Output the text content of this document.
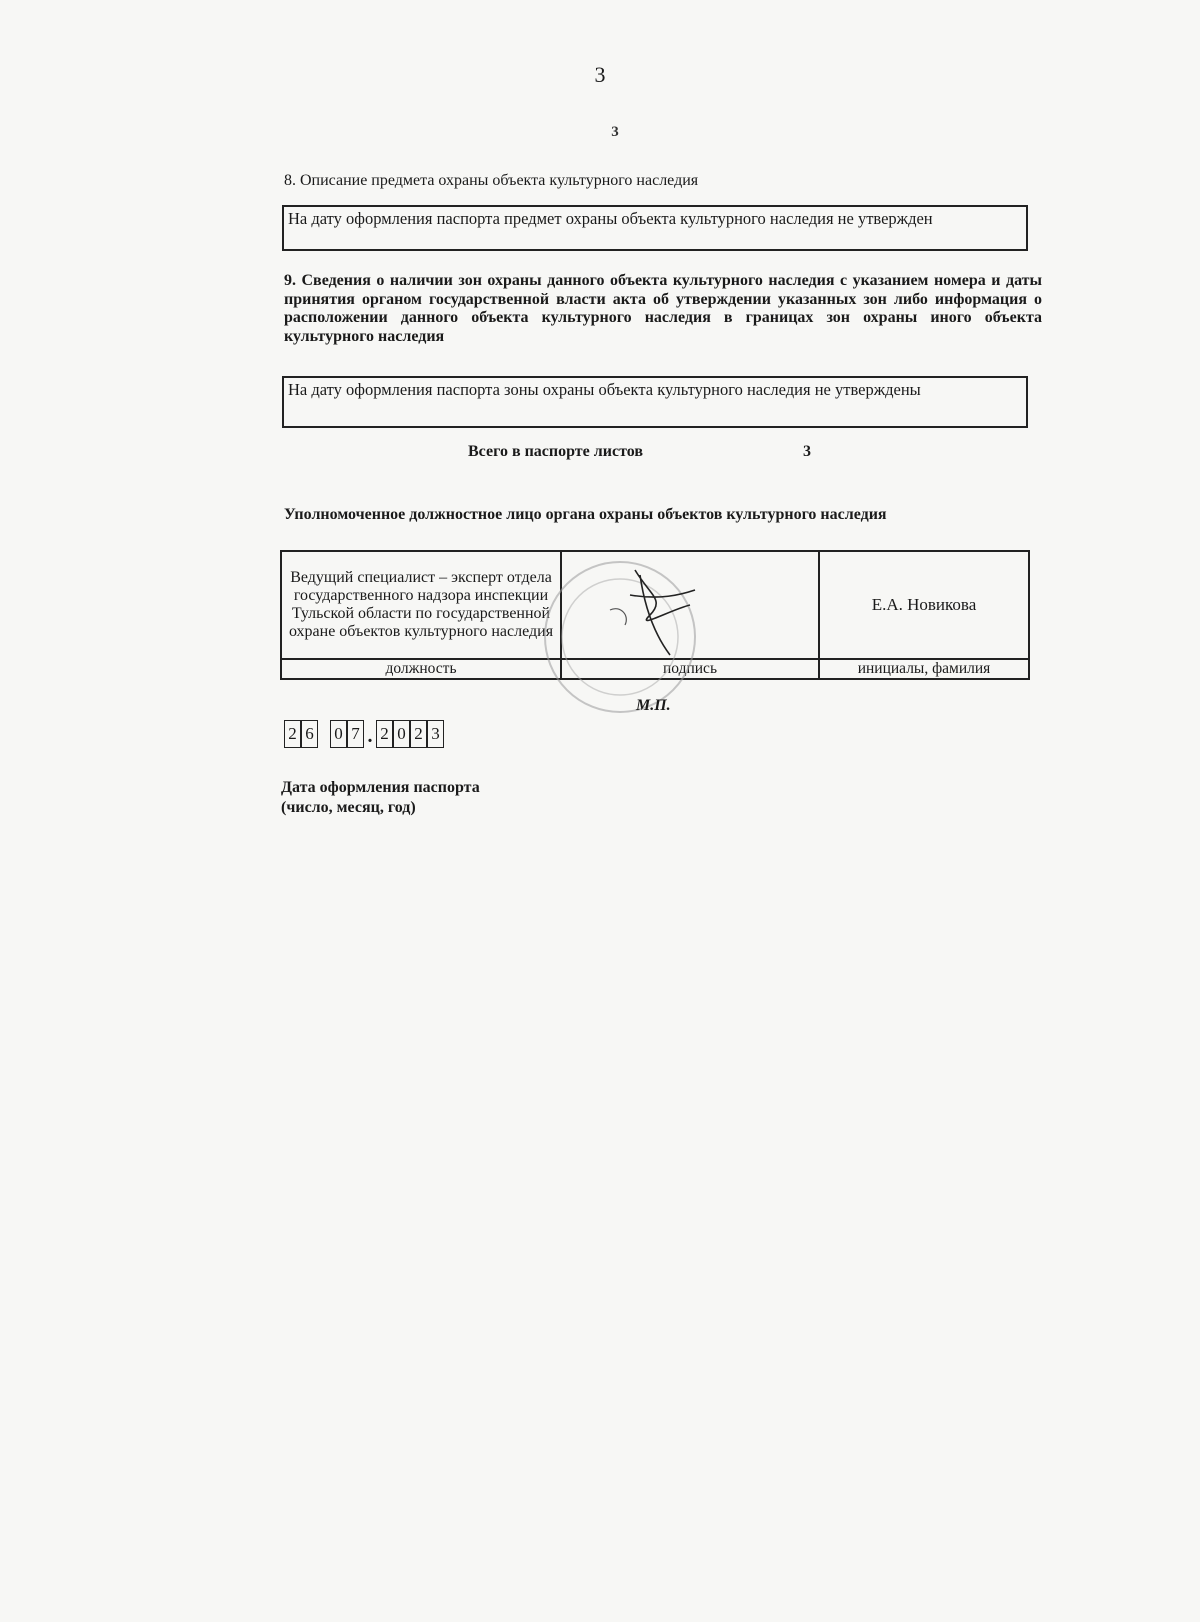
3
3
8. Описание предмета охраны объекта культурного наследия
На дату оформления паспорта предмет охраны объекта культурного наследия не утвержден
9. Сведения о наличии зон охраны данного объекта культурного наследия с указанием номера и даты принятия органом государственной власти акта об утверждении указанных зон либо информация о расположении данного объекта культурного наследия в границах зон охраны иного объекта культурного наследия
На дату оформления паспорта зоны охраны объекта культурного наследия не утверждены
Всего в паспорте листов	3
Уполномоченное должностное лицо органа охраны объектов культурного наследия
Ведущий специалист – эксперт отдела государственного надзора инспекции Тульской области по государственной охране объектов культурного наследия		Е.А. Новикова
должность	подпись	инициалы, фамилия
М.П.
2 6 0 7 . 2 0 2 3
Дата оформления паспорта
(число, месяц, год)
